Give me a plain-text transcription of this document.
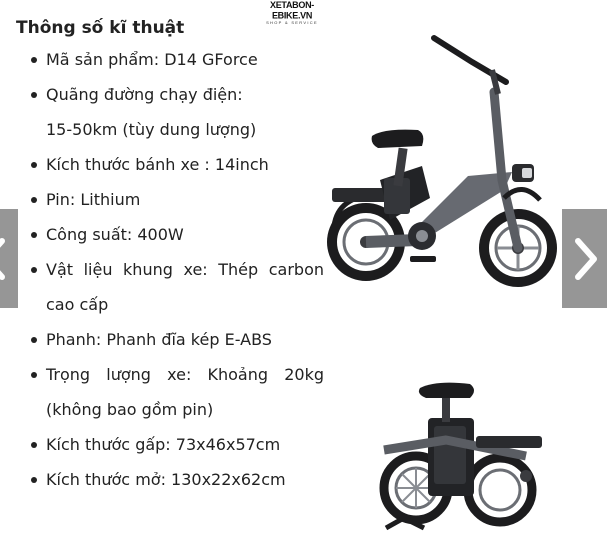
XETABON-EBIKE.VN
SHOP & SERVICE
Thông số kĩ thuật
Mã sản phẩm: D14 GForce
Quãng đường chạy điện:
15-50km (tùy dung lượng)
Kích thước bánh xe : 14inch
Pin: Lithium
Công suất: 400W
Vật liệu khung xe: Thép carbon
cao cấp
Phanh: Phanh đĩa kép E-ABS
Trọng lượng xe: Khoảng 20kg
(không bao gồm pin)
Kích thước gấp: 73x46x57cm
Kích thước mở: 130x22x62cm
